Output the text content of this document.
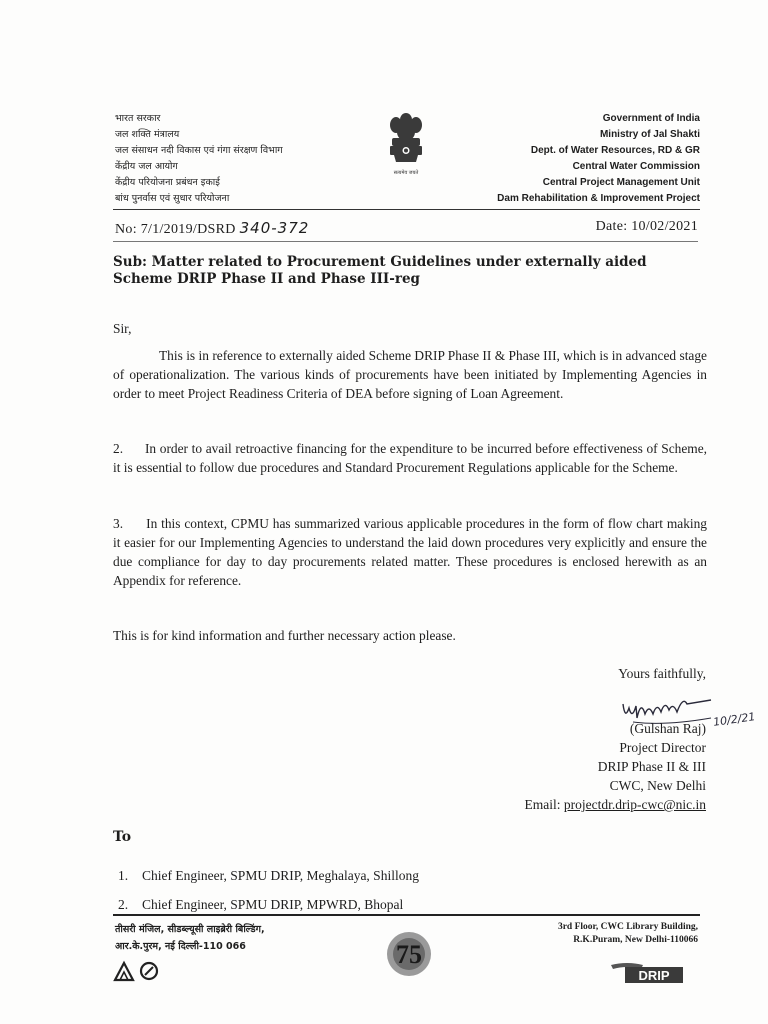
भारत सरकार
जल शक्ति मंत्रालय
जल संसाधन नदी विकास एवं गंगा संरक्षण विभाग
केंद्रीय जल आयोग
केंद्रीय परियोजना प्रबंधन इकाई
बांध पुनर्वास एवं सुधार परियोजना
सत्यमेव जयते
Government of India
Ministry of Jal Shakti
Dept. of Water Resources, RD & GR
Central Water Commission
Central Project Management Unit
Dam Rehabilitation & Improvement Project
No: 7/1/2019/DSRD 340-372	Date: 10/02/2021
Sub: Matter related to Procurement Guidelines under externally aided Scheme DRIP Phase II and Phase III-reg
Sir,
This is in reference to externally aided Scheme DRIP Phase II & Phase III, which is in advanced stage of operationalization. The various kinds of procurements have been initiated by Implementing Agencies in order to meet Project Readiness Criteria of DEA before signing of Loan Agreement.
2.      In order to avail retroactive financing for the expenditure to be incurred before effectiveness of Scheme, it is essential to follow due procedures and Standard Procurement Regulations applicable for the Scheme.
3.      In this context, CPMU has summarized various applicable procedures in the form of flow chart making it easier for our Implementing Agencies to understand the laid down procedures very explicitly and ensure the due compliance for day to day procurements related matter. These procedures is enclosed herewith as an Appendix for reference.
This is for kind information and further necessary action please.
Yours faithfully,
10/2/21
(Gulshan Raj)
Project Director
DRIP Phase II & III
CWC, New Delhi
Email: projectdr.drip-cwc@nic.in
To
1. Chief Engineer, SPMU DRIP, Meghalaya, Shillong
2. Chief Engineer, SPMU DRIP, MPWRD, Bhopal
तीसरी मंजिल, सीडब्ल्यूसी लाइब्रेरी बिल्डिंग,
आर.के.पुरम, नई दिल्ली-110 066	75
3rd Floor, CWC Library Building,
R.K.Puram, New Delhi-110066
DRIP
